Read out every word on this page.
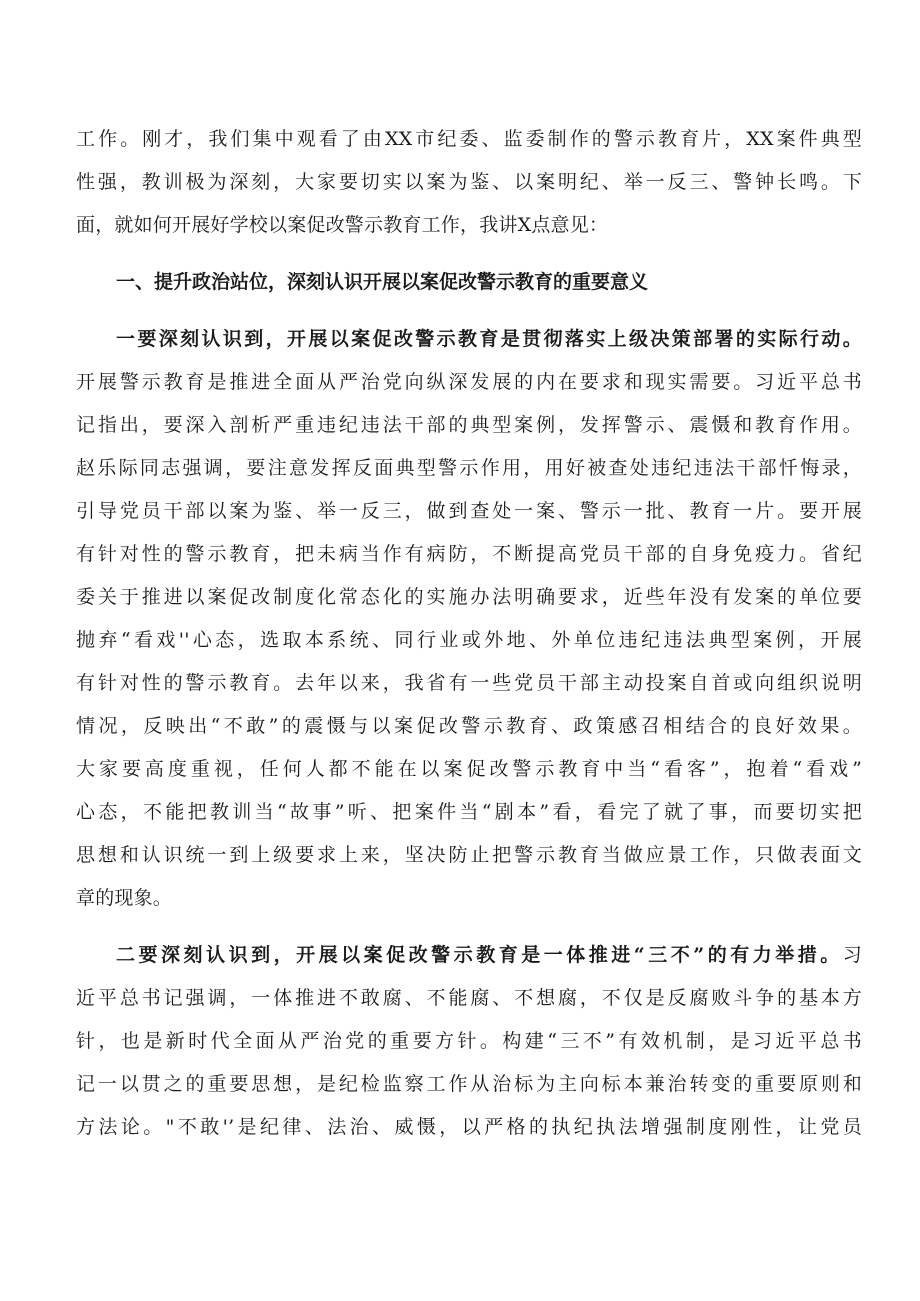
工作。刚才，我们集中观看了由XX市纪委、监委制作的警示教育片，XX案件典型
性强，教训极为深刻，大家要切实以案为鉴、以案明纪、举一反三、警钟长鸣。下
面，就如何开展好学校以案促改警示教育工作，我讲X点意见：
一、提升政治站位，深刻认识开展以案促改警示教育的重要意义
一要深刻认识到，开展以案促改警示教育是贯彻落实上级决策部署的实际行动。
开展警示教育是推进全面从严治党向纵深发展的内在要求和现实需要。习近平总书
记指出，要深入剖析严重违纪违法干部的典型案例，发挥警示、震慑和教育作用。
赵乐际同志强调，要注意发挥反面典型警示作用，用好被查处违纪违法干部忏悔录，
引导党员干部以案为鉴、举一反三，做到查处一案、警示一批、教育一片。要开展
有针对性的警示教育，把未病当作有病防，不断提高党员干部的自身免疫力。省纪
委关于推进以案促改制度化常态化的实施办法明确要求，近些年没有发案的单位要
抛弃“看戏''心态，选取本系统、同行业或外地、外单位违纪违法典型案例，开展
有针对性的警示教育。去年以来，我省有一些党员干部主动投案自首或向组织说明
情况，反映出“不敢”的震慑与以案促改警示教育、政策感召相结合的良好效果。
大家要高度重视，任何人都不能在以案促改警示教育中当“看客”，抱着“看戏”
心态，不能把教训当“故事”听、把案件当“剧本”看，看完了就了事，而要切实把
思想和认识统一到上级要求上来，坚决防止把警示教育当做应景工作，只做表面文
章的现象。
二要深刻认识到，开展以案促改警示教育是一体推进“三不”的有力举措。习
近平总书记强调，一体推进不敢腐、不能腐、不想腐，不仅是反腐败斗争的基本方
针，也是新时代全面从严治党的重要方针。构建“三不”有效机制，是习近平总书
记一以贯之的重要思想，是纪检监察工作从治标为主向标本兼治转变的重要原则和
方法论。"不敢'’是纪律、法治、威慑，以严格的执纪执法增强制度刚性，让党员
